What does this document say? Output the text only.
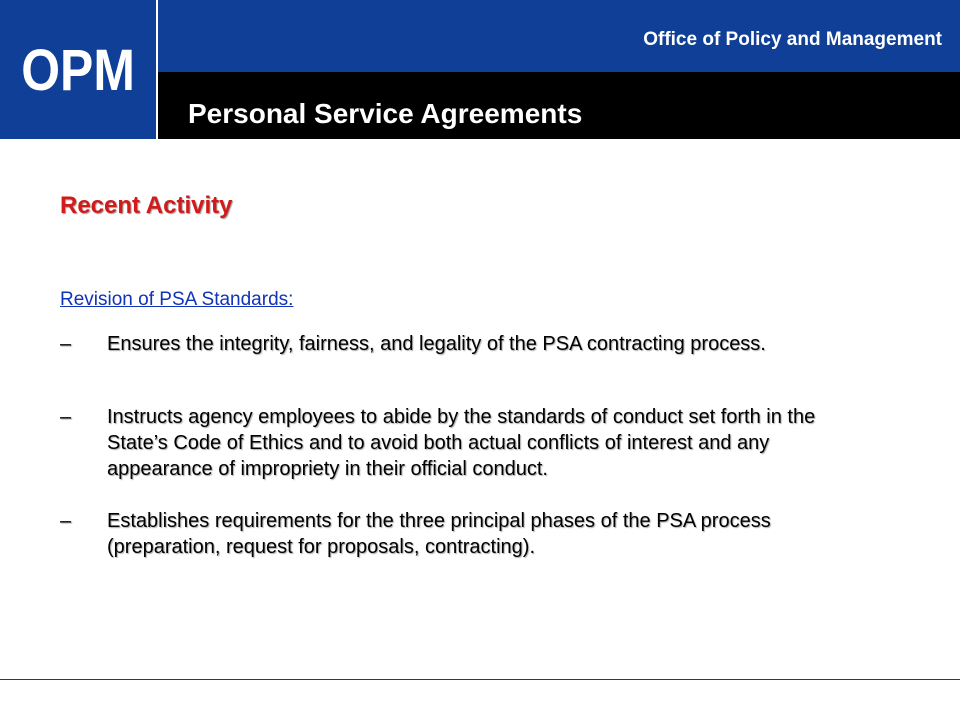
OPM	Office of Policy and Management
Personal Service Agreements
Recent Activity
Revision of PSA Standards:
–	Ensures the integrity, fairness, and legality of the PSA contracting process.
–	Instructs agency employees to abide by the standards of conduct set forth in the State’s Code of Ethics and to avoid both actual conflicts of interest and any appearance of impropriety in their official conduct.
–	Establishes requirements for the three principal phases of the PSA process (preparation, request for proposals, contracting).
